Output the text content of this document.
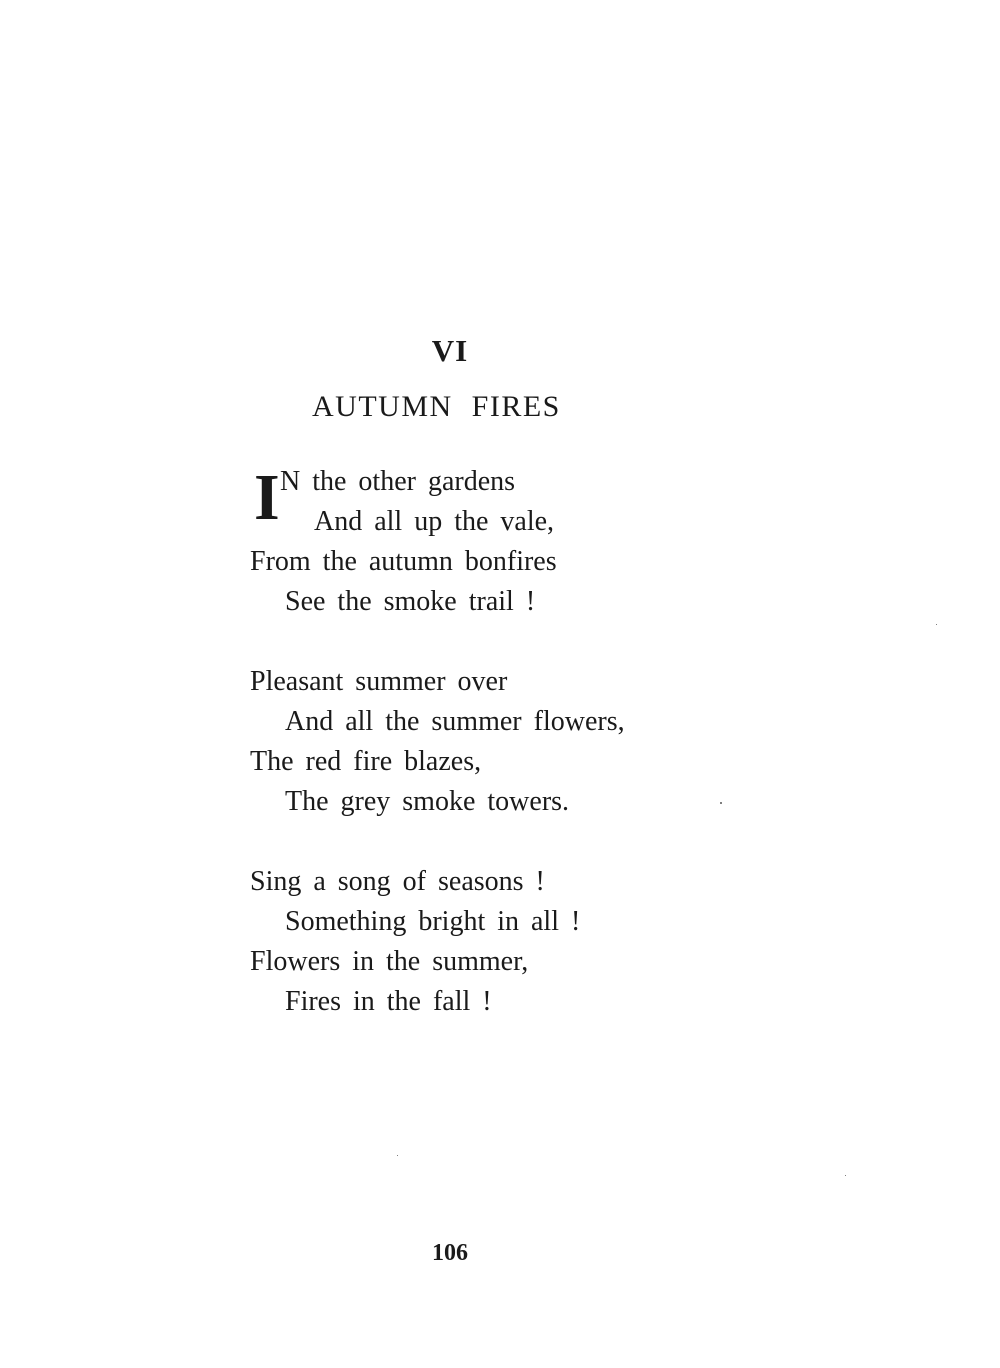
VI
AUTUMN FIRES
I N the other gardens
And all up the vale,
From the autumn bonfires
See the smoke trail !
Pleasant summer over
And all the summer flowers,
The red fire blazes,
The grey smoke towers.
Sing a song of seasons !
Something bright in all !
Flowers in the summer,
Fires in the fall !
106
